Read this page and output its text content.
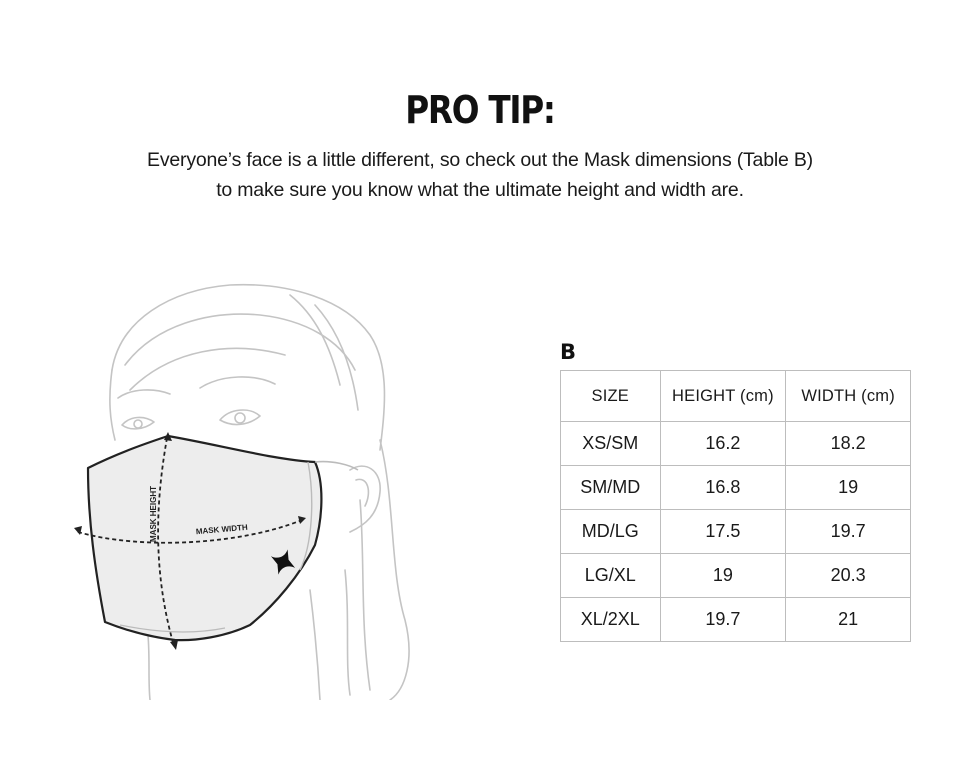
PRO TIP:
Everyone’s face is a little different, so check out the Mask dimensions (Table B)
to make sure you know what the ultimate height and width are.
MASK HEIGHT	MASK WIDTH
B
SIZE	HEIGHT (cm)	WIDTH (cm)
XS/SM	16.2	18.2
SM/MD	16.8	19
MD/LG	17.5	19.7
LG/XL	19	20.3
XL/2XL	19.7	21
